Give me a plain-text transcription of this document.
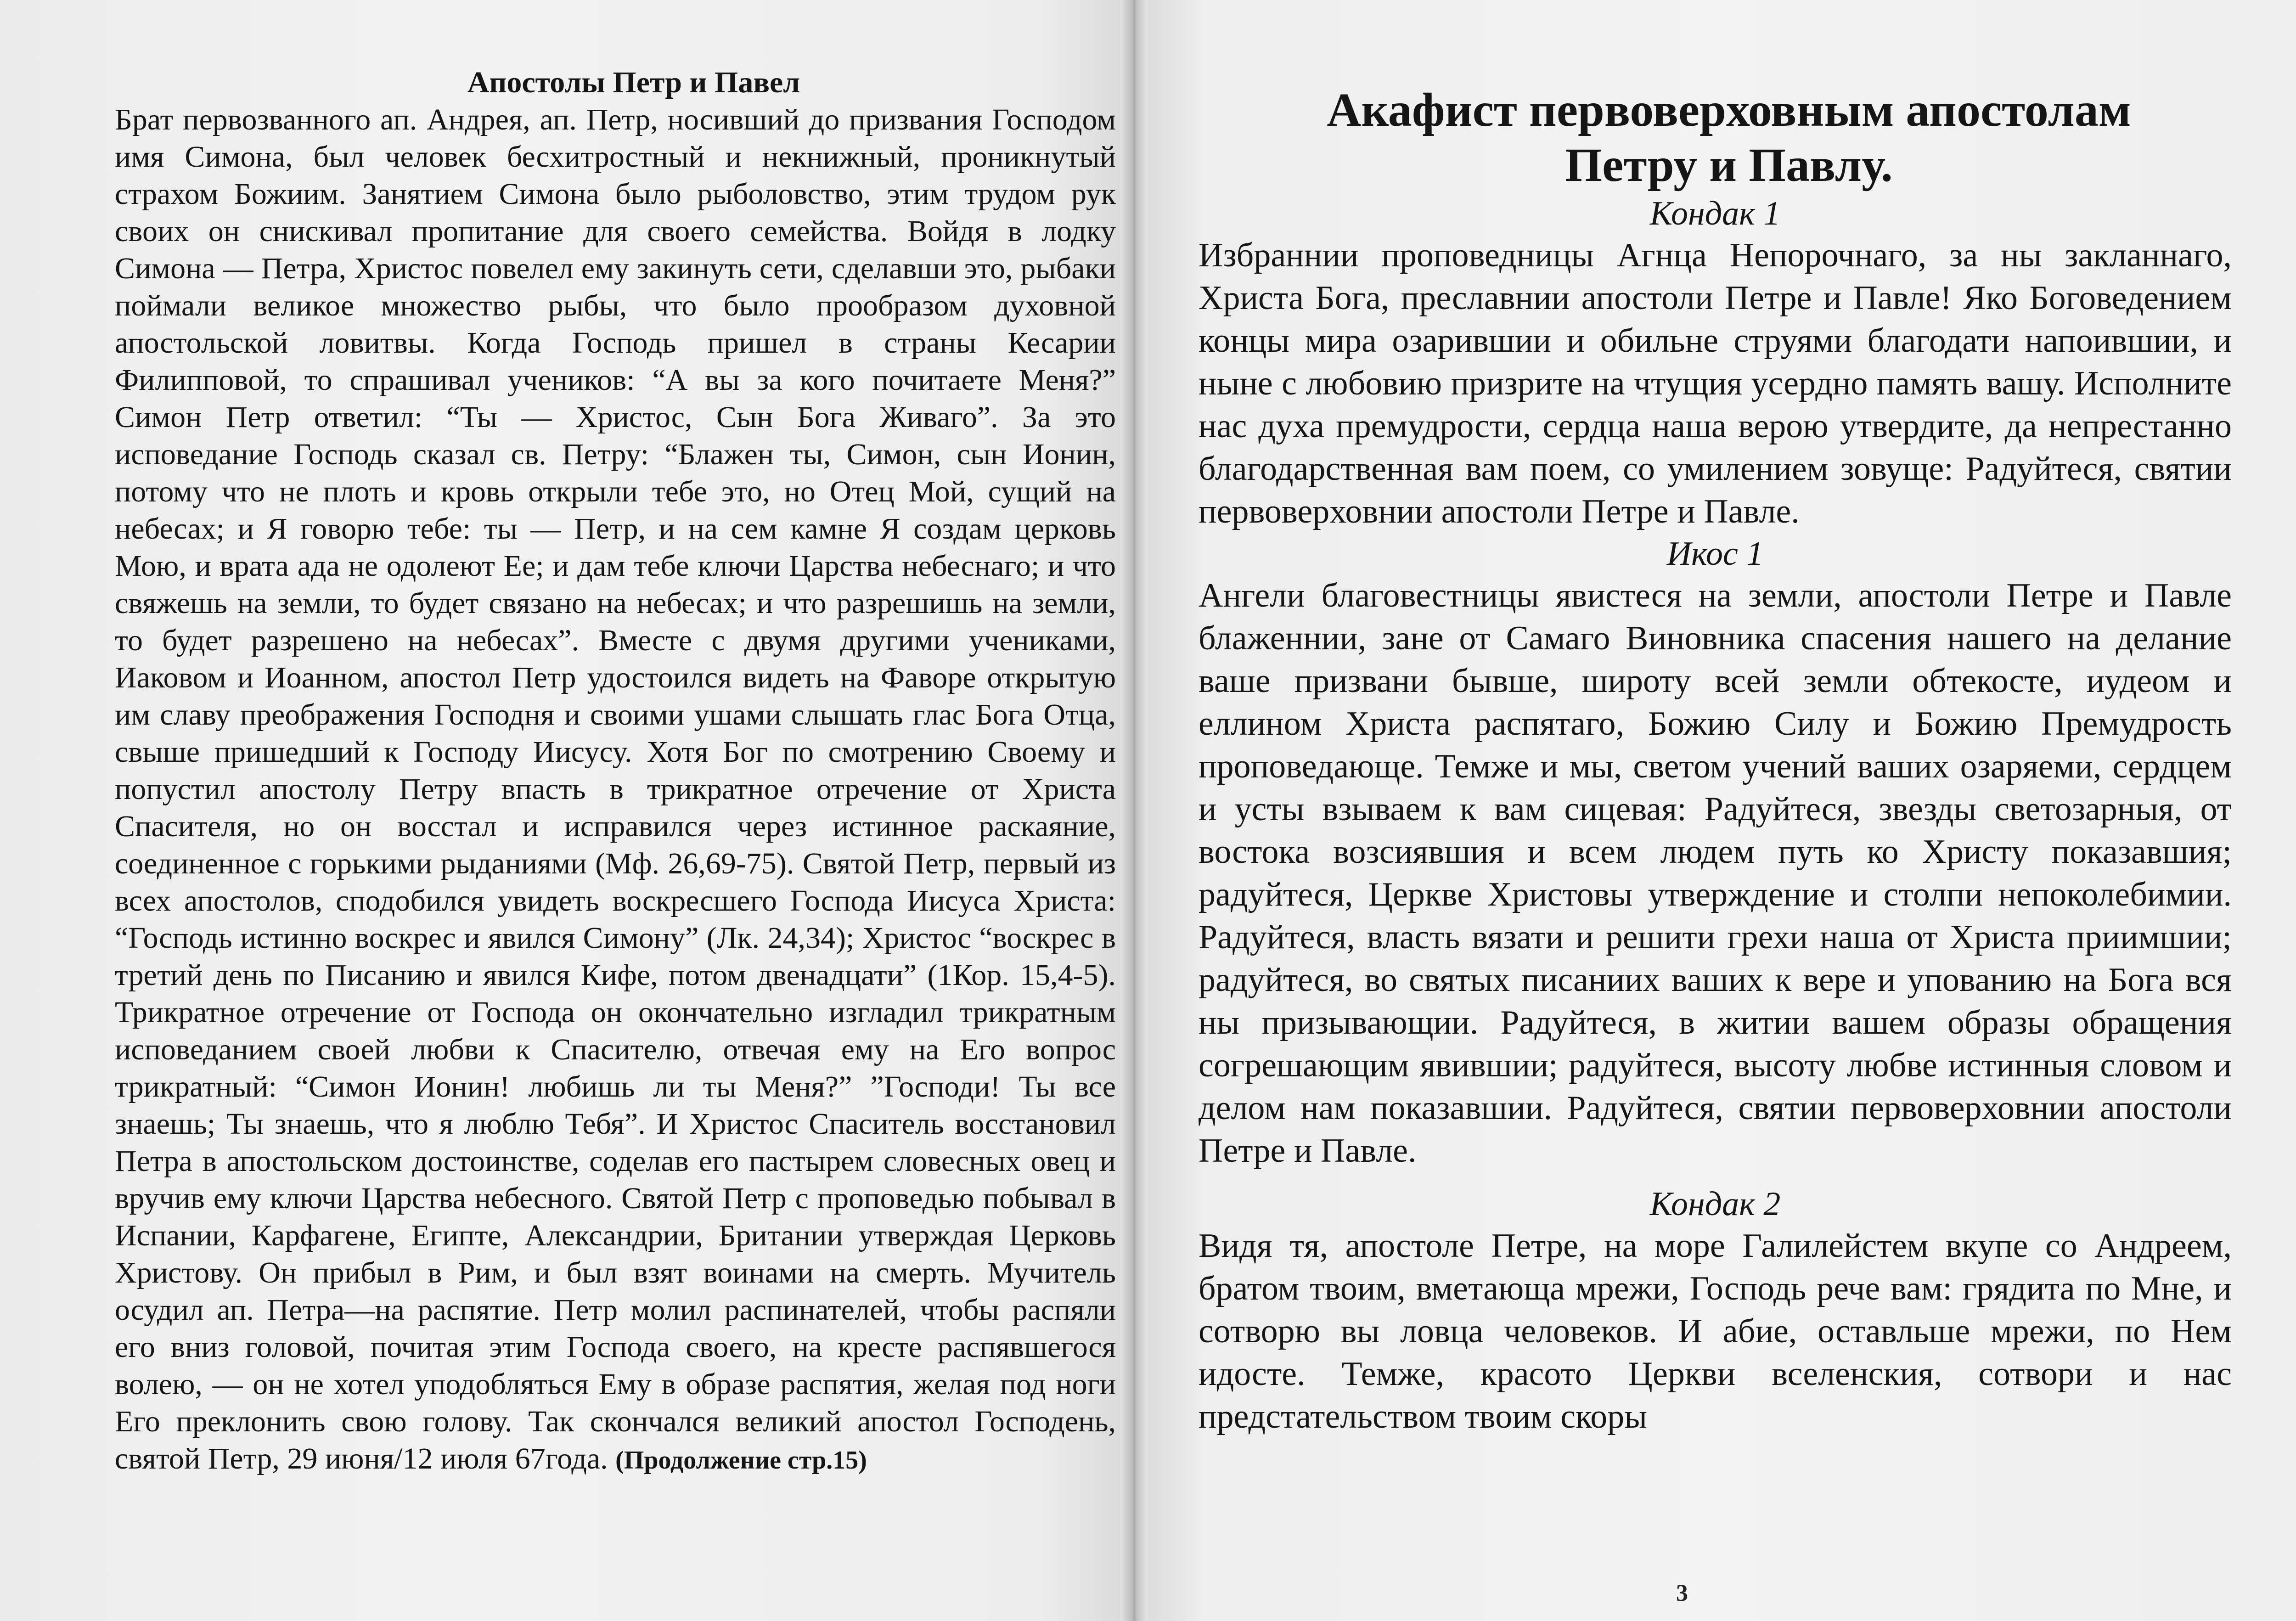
Апостолы Петр и Павел

Брат первозванного ап. Андрея, ап. Петр, носивший до призвания Господом имя Симона, был человек бесхитростный и некнижный, проникнутый страхом Божиим. Занятием Симона было рыболовство, этим трудом рук своих он снискивал пропитание для своего семейства. Войдя в лодку Симона — Петра, Христос повелел ему закинуть сети, сделавши это, рыбаки поймали великое множество рыбы, что было прообразом духовной апостольской ловитвы. Когда Господь пришел в страны Кесарии Филипповой, то спрашивал учеников: “А вы за кого почитаете Меня?” Симон Петр ответил: “Ты — Христос, Сын Бога Живаго”. За это исповедание Господь сказал св. Петру: “Блажен ты, Симон, сын Ионин, потому что не плоть и кровь открыли тебе это, но Отец Мой, сущий на небесах; и Я говорю тебе: ты — Петр, и на сем камне Я создам церковь Мою, и врата ада не одолеют Ее; и дам тебе ключи Царства небеснаго; и что свяжешь на земли, то будет связано на небесах; и что разрешишь на земли, то будет разрешено на небесах”. Вместе с двумя другими учениками, Иаковом и Иоанном, апостол Петр удостоился видеть на Фаворе открытую им славу преображения Господня и своими ушами слышать глас Бога Отца, свыше пришедший к Господу Иисусу. Хотя Бог по смотрению Своему и попустил апостолу Петру впасть в трикратное отречение от Христа Спасителя, но он восстал и исправился через истинное раскаяние, соединенное с горькими рыданиями (Мф. 26,69-75). Святой Петр, первый из всех апостолов, сподобился увидеть воскресшего Господа Иисуса Христа: “Господь истинно воскрес и явился Симону” (Лк. 24,34); Христос “воскрес в третий день по Писанию и явился Кифе, потом двенадцати” (1Кор. 15,4-5). Трикратное отречение от Господа он окончательно изгладил трикратным исповеданием своей любви к Спасителю, отвечая ему на Его вопрос трикратный: “Симон Ионин! любишь ли ты Меня?” ”Господи! Ты все знаешь; Ты знаешь, что я люблю Тебя”. И Христос Спаситель восстановил Петра в апостольском достоинстве, соделав его пастырем словесных овец и вручив ему ключи Царства небесного. Святой Петр с проповедью побывал в Испании, Карфагене, Египте, Александрии, Британии утверждая Церковь Христову. Он прибыл в Рим, и был взят воинами на смерть. Мучитель осудил ап. Петра—на распятие. Петр молил распинателей, чтобы распяли его вниз головой, почитая этим Господа своего, на кресте распявшегося волею, — он не хотел уподобляться Ему в образе распятия, желая под ноги Его преклонить свою голову. Так скончался великий апостол Господень, святой Петр, 29 июня/12 июля 67года. (Продолжение стр.15)

Акафист первоверховным апостолам
Петру и Павлу.

Кондак 1

Избраннии проповедницы Агнца Непорочнаго, за ны закланнаго, Христа Бога, преславнии апостоли Петре и Павле! Яко Боговедением концы мира озарившии и обильне струями благодати напоившии, и ныне с любовию призрите на чтущия усердно память вашу. Исполните нас духа премудрости, сердца наша верою утвердите, да непрестанно благодарственная вам поем, со умилением зовуще: Радуйтеся, святии первоверховнии апостоли Петре и Павле.

Икос 1

Ангели благовестницы явистеся на земли, апостоли Петре и Павле блаженнии, зане от Самаго Виновника спасения нашего на делание ваше призвани бывше, широту всей земли обтекосте, иудеом и еллином Христа распятаго, Божию Силу и Божию Премудрость проповедающе. Темже и мы, светом учений ваших озаряеми, сердцем и усты взываем к вам сицевая: Радуйтеся, звезды светозарныя, от востока возсиявшия и всем людем путь ко Христу показавшия; радуйтеся, Церкве Христовы утверждение и столпи непоколебимии. Радуйтеся, власть вязати и решити грехи наша от Христа приимшии; радуйтеся, во святых писаниих ваших к вере и упованию на Бога вся ны призывающии. Радуйтеся, в житии вашем образы обращения согрешающим явившии; радуйтеся, высоту любве истинныя словом и делом нам показавшии. Радуйтеся, святии первоверховнии апостоли Петре и Павле.

Кондак 2

Видя тя, апостоле Петре, на море Галилейстем вкупе со Андреем, братом твоим, вметающа мрежи, Господь рече вам: грядита по Мне, и сотворю вы ловца человеков. И абие, оставльше мрежи, по Нем идосте. Темже, красото Церкви вселенския, сотвори и нас предстательством твоим скоры

3
